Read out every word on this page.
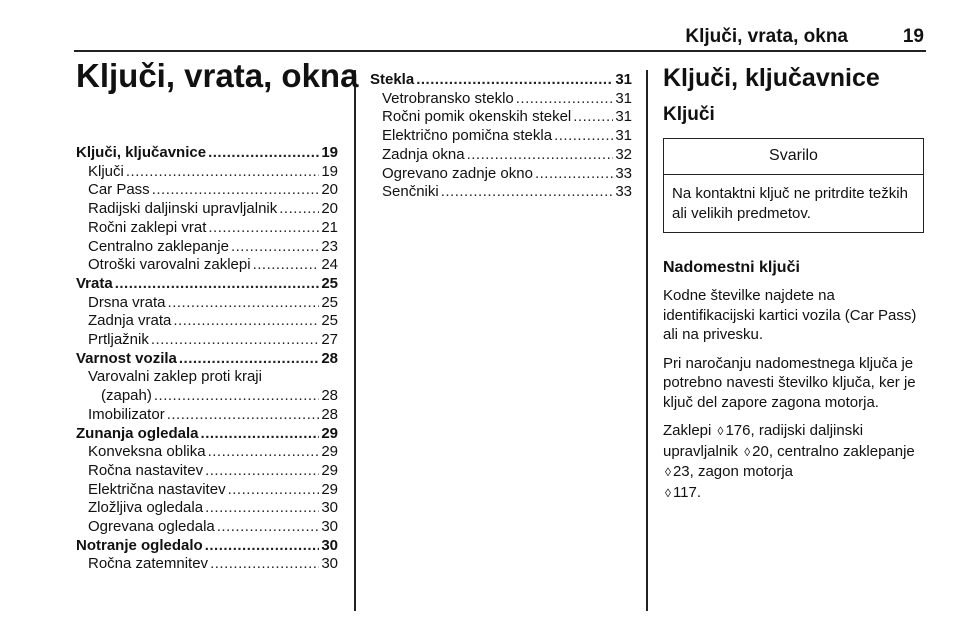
Ključi, vrata, okna	19
Ključi, vrata, okna
Ključi, ključavnice .....	19
Ključi .....	19
Car Pass .....	20
Radijski daljinski upravljalnik .....	20
Ročni zaklepi vrat .....	21
Centralno zaklepanje .....	23
Otroški varovalni zaklepi .....	24
Vrata .....	25
Drsna vrata .....	25
Zadnja vrata .....	25
Prtljažnik .....	27
Varnost vozila .....	28
Varovalni zaklep proti kraji
(zapah) .....	28
Imobilizator .....	28
Zunanja ogledala .....	29
Konveksna oblika .....	29
Ročna nastavitev .....	29
Električna nastavitev .....	29
Zložljiva ogledala .....	30
Ogrevana ogledala .....	30
Notranje ogledalo .....	30
Ročna zatemnitev .....	30
Stekla .....	31
Vetrobransko steklo .....	31
Ročni pomik okenskih stekel .....	31
Električno pomična stekla .....	31
Zadnja okna .....	32
Ogrevano zadnje okno .....	33
Senčniki .....	33
Ključi, ključavnice
Ključi
Svarilo
Na kontaktni ključ ne pritrdite težkih ali velikih predmetov.
Nadomestni ključi

Kodne številke najdete na identifikacijski kartici vozila (Car Pass) ali na privesku.

Pri naročanju nadomestnega ključa je potrebno navesti številko ključa, ker je ključ del zapore zagona motorja.

Zaklepi ◊ 176, radijski daljinski upravljalnik ◊ 20, centralno zaklepanje ◊ 23, zagon motorja
◊ 117.
